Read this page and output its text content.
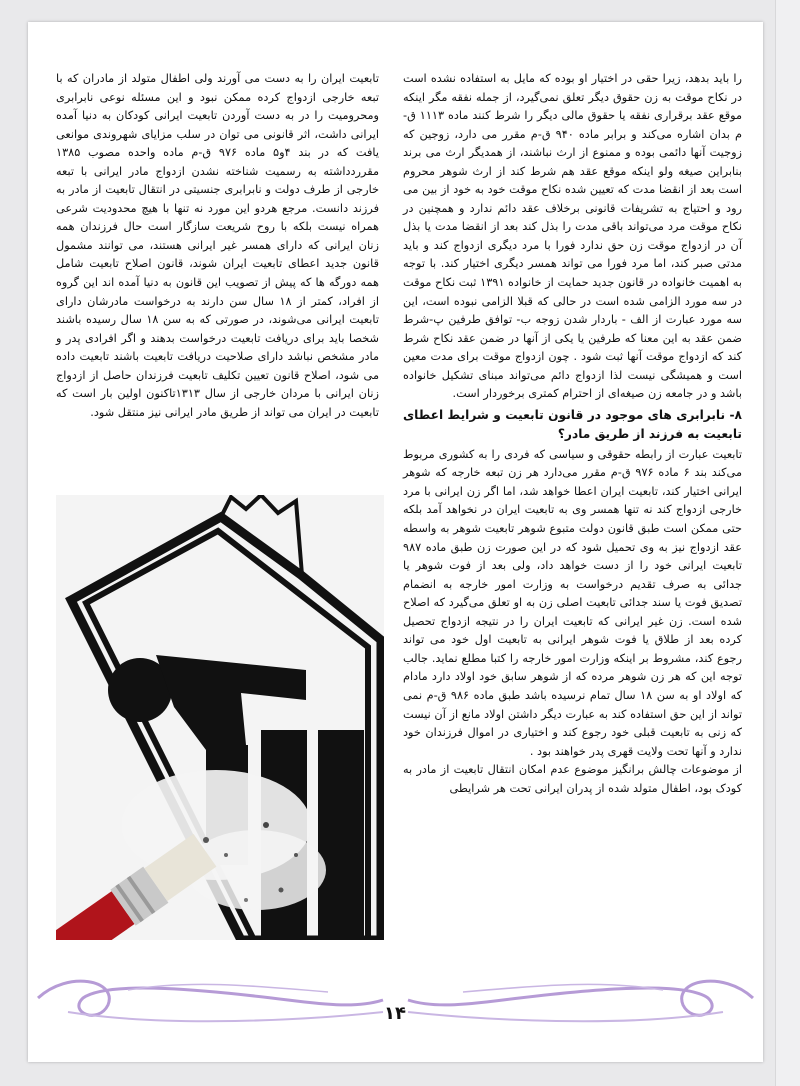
تابعیت ایران را به دست می آورند ولی اطفال متولد از مادران که با تبعه خارجی ازدواج کرده ممکن نبود و این مسئله نوعی نابرابری ومحرومیت را در به دست آوردن تابعیت ایرانی کودکان به دنیا آمده ایرانی داشت، اثر قانونی می توان در سلب مزایای شهروندی موانعی یافت که در بند ۴و۵ ماده ۹۷۶ ق-م ماده واحده مصوب ۱۳۸۵ مقرردداشته به رسمیت شناخته نشدن ازدواج مادر ایرانی با تبعه خارجی از طرف دولت و نابرابری جنسیتی در انتقال تابعیت از مادر به فرزند دانست. مرجع هردو این مورد نه تنها با هیچ محدودیت شرعی همراه نیست بلکه با روح شریعت سازگار است حال فرزندان همه زنان ایرانی که دارای همسر غیر ایرانی هستند، می توانند مشمول قانون جدید اعطای تابعیت ایران شوند، قانون اصلاح تابعیت شامل همه دورگه ها که پیش از تصویب این قانون به دنیا آمده اند این گروه از افراد، کمتر از ۱۸ سال سن دارند به درخواست مادرشان دارای تابعیت ایرانی می‌شوند، در صورتی که به سن ۱۸ سال رسیده باشند شخصا باید برای دریافت تابعیت درخواست بدهند و اگر افرادی پدر و مادر مشخص نباشد دارای صلاحیت دریافت تابعیت باشند تابعیت داده می شود، اصلاح قانون تعیین تکلیف تابعیت فرزندان حاصل از ازدواج زنان ایرانی با مردان خارجی از سال ۱۳۱۳تاکنون اولین بار است که تابعیت در ایران می تواند از طریق مادر ایرانی نیز منتقل شود.

را باید بدهد، زیرا حقی در اختیار او بوده که مایل به استفاده نشده است در نکاح موقت به زن حقوق دیگر تعلق نمی‌گیرد، از جمله نفقه مگر اینکه موقع عقد برقراری نفقه یا حقوق مالی دیگر را شرط کنند ماده ۱۱۱۳ ق-م بدان اشاره می‌کند و برابر ماده ۹۴۰ ق-م مقرر می دارد، زوجین که زوجیت آنها دائمی بوده و ممنوع از ارث نباشند، از همدیگر ارث می برند بنابراین صیغه ولو اینکه موقع عقد هم شرط کند از ارث شوهر محروم است بعد از انقضا مدت که تعیین شده نکاح موقت خود به خود از بین می رود و احتیاج به تشریفات قانونی برخلاف عقد دائم ندارد و همچنین در نکاح موقت مرد می‌تواند باقی مدت را بذل کند بعد از انقضا مدت یا بذل آن در ازدواج موقت زن حق ندارد فورا با مرد دیگری ازدواج کند و باید مدتی صبر کند، اما مرد فورا می تواند همسر دیگری اختیار کند. با توجه به اهمیت خانواده در قانون جدید حمایت از خانواده ۱۳۹۱ ثبت نکاح موقت در سه مورد الزامی شده است در حالی که قبلا الزامی نبوده است، این سه مورد عبارت از الف - باردار شدن زوجه ب- توافق طرفین پ-شرط ضمن عقد به این معنا که طرفین یا یکی از آنها در ضمن عقد نکاح شرط کند که ازدواج موقت آنها ثبت شود . چون ازدواج موقت برای مدت معین است و همیشگی نیست لذا ازدواج دائم می‌تواند مبنای تشکیل خانواده باشد و در جامعه زن صیغه‌ای از احترام کمتری برخوردار است.

۸- نابرابری های موجود در قانون تابعیت و شرایط اعطای تابعیت به فرزند از طریق مادر؟

تابعیت عبارت از رابطه حقوقی و سیاسی که فردی را به کشوری مربوط می‌کند بند ۶ ماده ۹۷۶ ق-م مقرر می‌دارد هر زن تبعه خارجه که شوهر ایرانی اختیار کند، تابعیت ایران اعطا خواهد شد، اما اگر زن ایرانی با مرد خارجی ازدواج کند نه تنها همسر وی به تابعیت ایران در نخواهد آمد بلکه حتی ممکن است طبق قانون دولت متبوع شوهر تابعیت شوهر به واسطه عقد ازدواج نیز به وی تحمیل شود که در این صورت زن طبق ماده ۹۸۷ تابعیت ایرانی خود را از دست خواهد داد، ولی بعد از فوت شوهر یا جدائی به صرف تقدیم درخواست به وزارت امور خارجه به انضمام تصدیق فوت یا سند جدائی تابعیت اصلی زن به او تعلق می‌گیرد که اصلاح شده است. زن غیر ایرانی که تابعیت ایران را در نتیجه ازدواج تحصیل کرده بعد از طلاق یا فوت شوهر ایرانی به تابعیت اول خود می تواند رجوع کند، مشروط بر اینکه وزارت امور خارجه را کتبا مطلع نماید. جالب توجه این که هر زن شوهر مرده که از شوهر سابق خود اولاد دارد مادام که اولاد او به سن ۱۸ سال تمام نرسیده باشد طبق ماده ۹۸۶ ق-م نمی تواند از این حق استفاده کند به عبارت دیگر داشتن اولاد مانع از آن نیست که زنی به تابعیت قبلی خود رجوع کند و اختیاری در اموال فرزندان خود ندارد و آنها تحت ولایت قهری پدر خواهند بود .

از موضوعات چالش برانگیز موضوع عدم امکان انتقال تابعیت از مادر به کودک بود، اطفال متولد شده از پدران ایرانی تحت هر شرایطی

۱۴
